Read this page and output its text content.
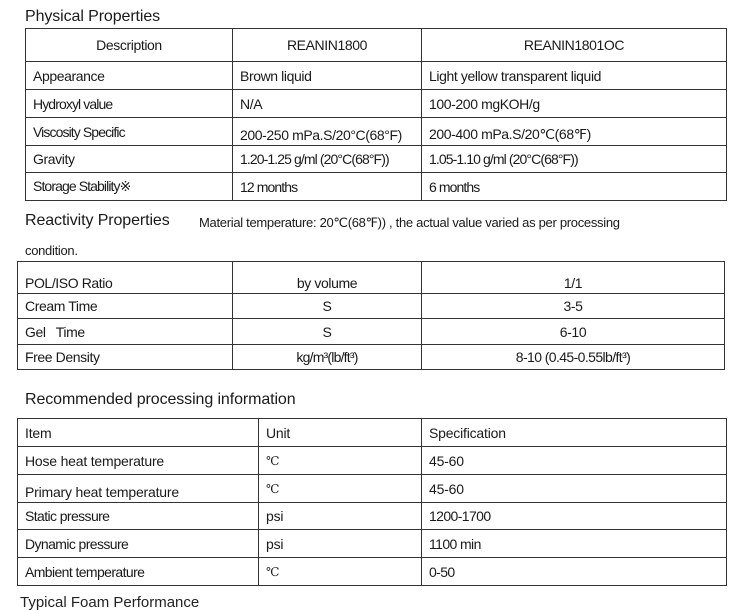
Physical Properties
Description	REANIN1800	REANIN1801OC
Appearance	Brown liquid	Light yellow transparent liquid
Hydroxyl value	N/A	100-200 mgKOH/g
Viscosity Specific	200-250 mPa.S/20°C(68°F)	200-400 mPa.S/20℃(68℉)
Gravity	1.20-1.25 g/ml (20°C(68°F))	1.05-1.10 g/ml (20°C(68°F))
Storage Stability※	12 months	6 months
Reactivity Properties Material temperature: 20℃(68℉)) , the actual value varied as per processing
condition.
POL/ISO Ratio	by volume	1/1
Cream Time	S	3-5
Gel   Time	S	6-10
Free Density	kg/m³(lb/ft³)	8-10 (0.45-0.55lb/ft³)
Recommended processing information
Item	Unit	Specification
Hose heat temperature	℃	45-60
Primary heat temperature	℃	45-60
Static pressure	psi	1200-1700
Dynamic pressure	psi	1100 min
Ambient temperature	℃	0-50
Typical Foam Performance
